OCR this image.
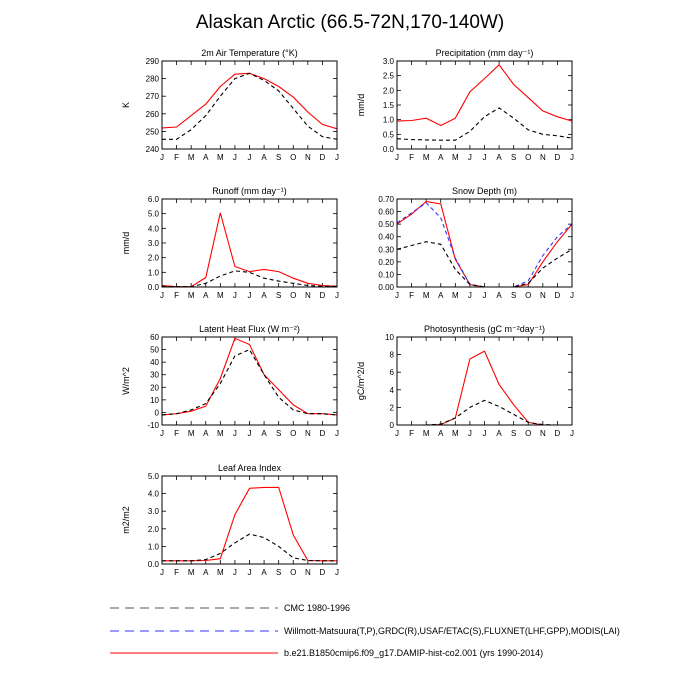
Alaskan Arctic (66.5-72N,170-140W)
2m Air Temperature (°K)
K
240
250
260
270
280
290
J F M A M J J A S O N D J
Precipitation (mm day⁻¹)
mm/d
0.0
0.5
1.0
1.5
2.0
2.5
3.0
J F M A M J J A S O N D J
Runoff (mm day⁻¹)
mm/d
0.0
1.0
2.0
3.0
4.0
5.0
6.0
J F M A M J J A S O N D J
Snow Depth (m)
0.00
0.10
0.20
0.30
0.40
0.50
0.60
0.70
J F M A M J J A S O N D J
Latent Heat Flux (W m⁻²)
W/m^2
-10
0
10
20
30
40
50
60
J F M A M J J A S O N D J
Photosynthesis (gC m⁻²day⁻¹)
gC/m^2/d
0
2
4
6
8
10
J F M A M J J A S O N D J
Leaf Area Index
m2/m2
0.0
1.0
2.0
3.0
4.0
5.0
J F M A M J J A S O N D J
CMC 1980-1996
Willmott-Matsuura(T,P),GRDC(R),USAF/ETAC(S),FLUXNET(LHF,GPP),MODIS(LAI)
b.e21.B1850cmip6.f09_g17.DAMIP-hist-co2.001 (yrs 1990-2014)
